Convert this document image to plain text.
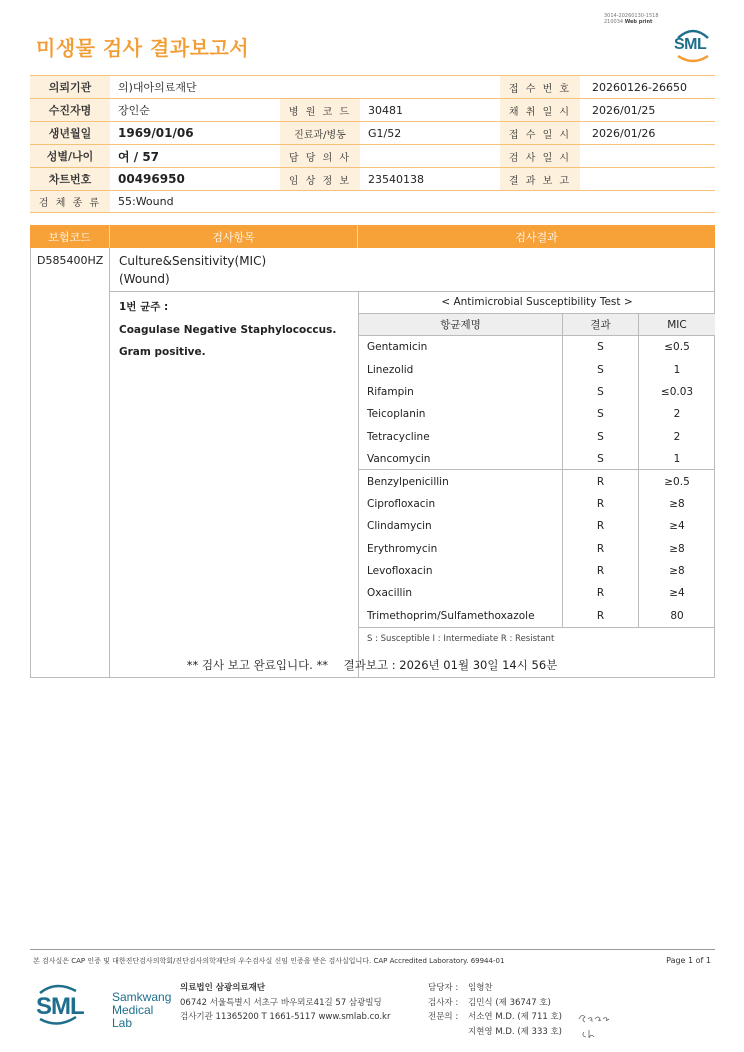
3014-20260130-1518
210034 Web print
미생물 검사 결과보고서	SML
의뢰기관	의)대아의료재단	접 수 번 호	20260126-26650
수진자명	장인순	병 원 코 드	30481	채 취 일 시	2026/01/25
생년월일	1969/01/06	진료과/병동	G1/52	접 수 일 시	2026/01/26
성별/나이	여 / 57	담 당 의 사	검 사 일 시
차트번호	00496950	임 상 정 보	23540138	결 과 보 고
검 체 종 류	55:Wound
보험코드	검사항목	검사결과
D585400HZ	Culture&Sensitivity(MIC)
(Wound)
1번 균주 :
Coagulase Negative Staphylococcus.
Gram positive.
< Antimicrobial Susceptibility Test >
항균제명	결과	MIC
Gentamicin	S	≤0.5
Linezolid	S	1
Rifampin	S	≤0.03
Teicoplanin	S	2
Tetracycline	S	2
Vancomycin	S	1
Benzylpenicillin	R	≥0.5
Ciprofloxacin	R	≥8
Clindamycin	R	≥4
Erythromycin	R	≥8
Levofloxacin	R	≥8
Oxacillin	R	≥4
Trimethoprim/Sulfamethoxazole	R	80
S : Susceptible I : Intermediate R : Resistant
** 검사 보고 완료입니다. ** 결과보고 : 2026년 01월 30일 14시 56분
본 검사실은 CAP 인증 및 대한진단검사의학회/진단검사의학재단의 우수검사실 신임 인증을 받은 검사실입니다. CAP Accredited Laboratory. 69944-01	Page 1 of 1
SML Samkwang
Medical Lab
의료법인 삼광의료재단
06742 서울특별시 서초구 바우뫼로41길 57 삼광빌딩
검사기관 11365200 T 1661-5117 www.smlab.co.kr
담당자 :	임형찬
검사자 :	김민식 (제 36747 호)
전문의 :	서소연 M.D. (제 711 호)
지현영 M.D. (제 333 호)
